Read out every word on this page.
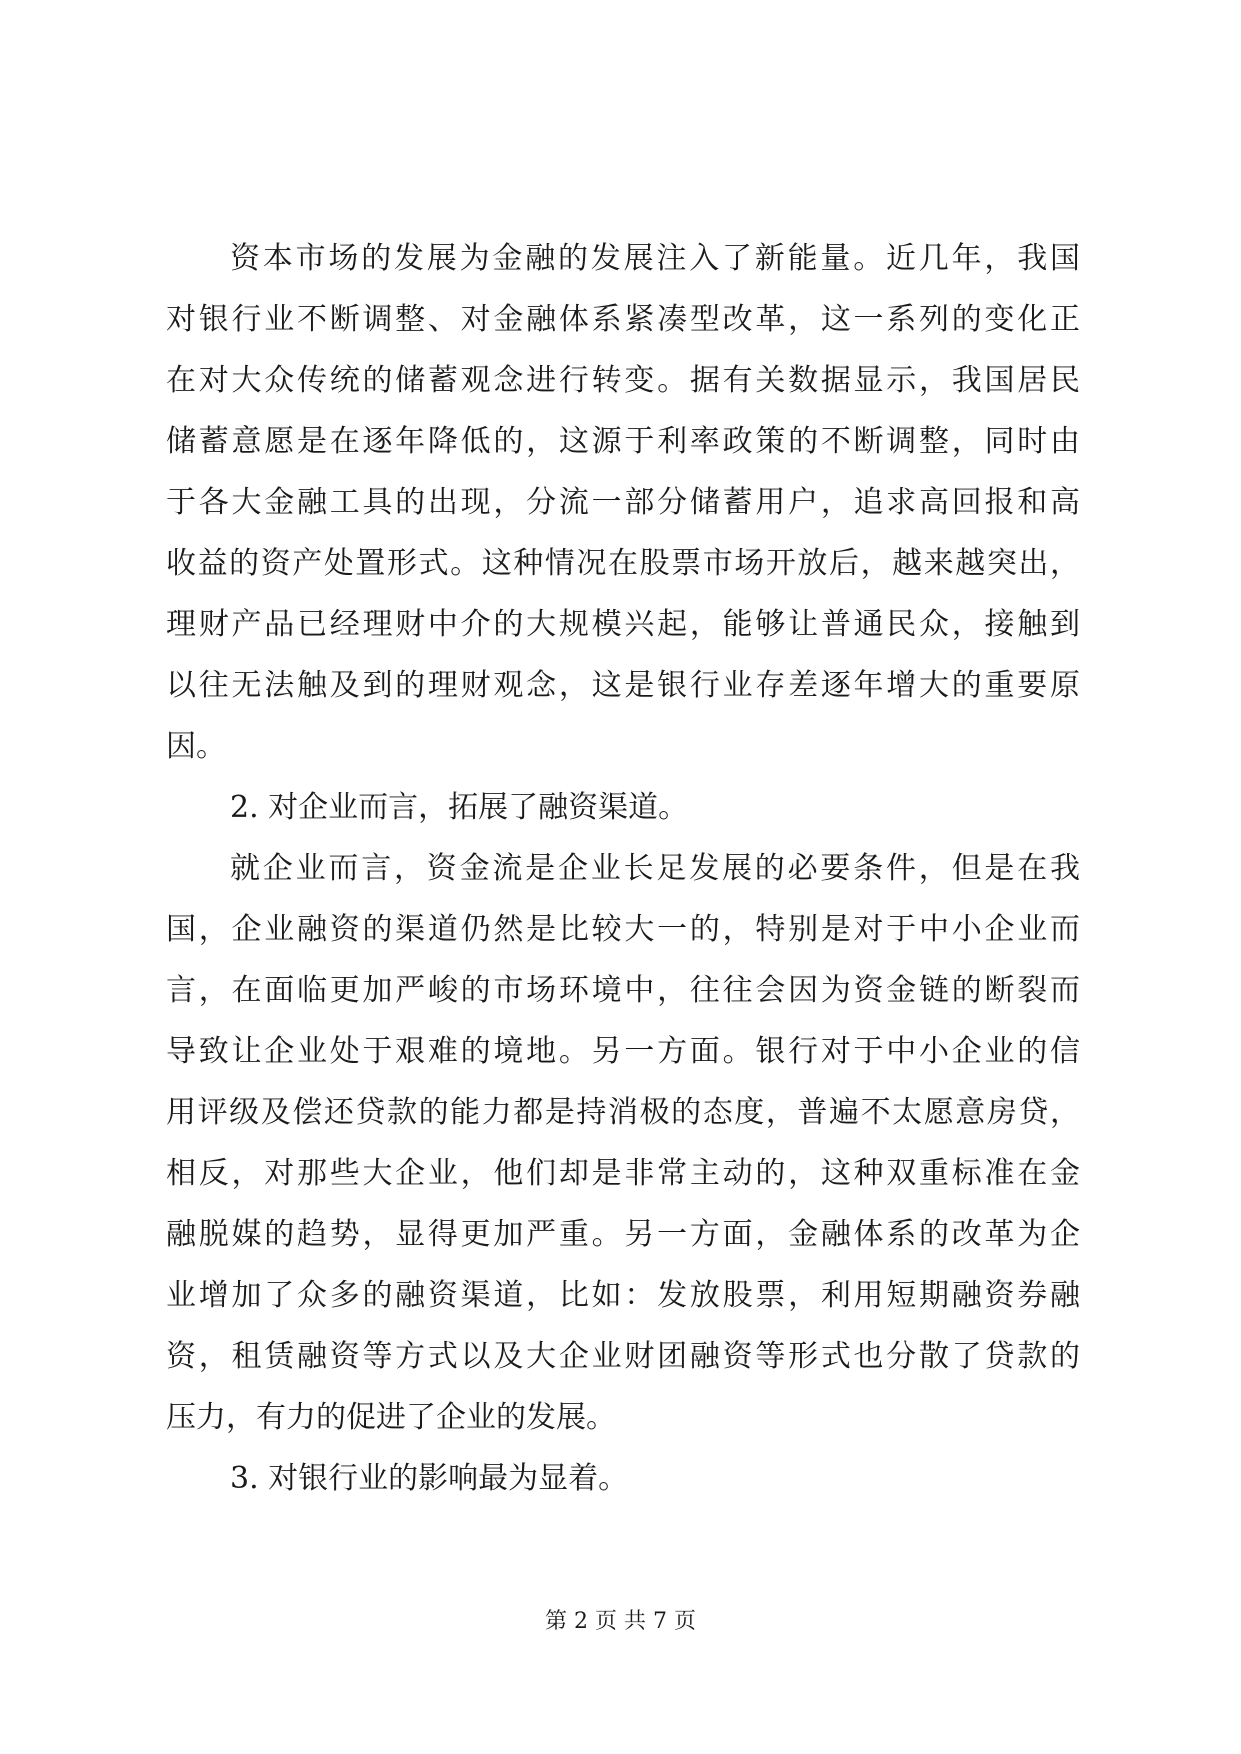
资本市场的发展为金融的发展注入了新能量。近几年，我国
对银行业不断调整、对金融体系紧凑型改革，这一系列的变化正
在对大众传统的储蓄观念进行转变。据有关数据显示，我国居民
储蓄意愿是在逐年降低的，这源于利率政策的不断调整，同时由
于各大金融工具的出现，分流一部分储蓄用户，追求高回报和高
收益的资产处置形式。这种情况在股票市场开放后，越来越突出，
理财产品已经理财中介的大规模兴起，能够让普通民众，接触到
以往无法触及到的理财观念，这是银行业存差逐年增大的重要原
因。
2. 对企业而言，拓展了融资渠道。
就企业而言，资金流是企业长足发展的必要条件，但是在我
国，企业融资的渠道仍然是比较大一的，特别是对于中小企业而
言，在面临更加严峻的市场环境中，往往会因为资金链的断裂而
导致让企业处于艰难的境地。另一方面。银行对于中小企业的信
用评级及偿还贷款的能力都是持消极的态度，普遍不太愿意房贷，
相反，对那些大企业，他们却是非常主动的，这种双重标准在金
融脱媒的趋势，显得更加严重。另一方面，金融体系的改革为企
业增加了众多的融资渠道，比如：发放股票，利用短期融资券融
资，租赁融资等方式以及大企业财团融资等形式也分散了贷款的
压力，有力的促进了企业的发展。
3. 对银行业的影响最为显着。
第 2 页 共 7 页
